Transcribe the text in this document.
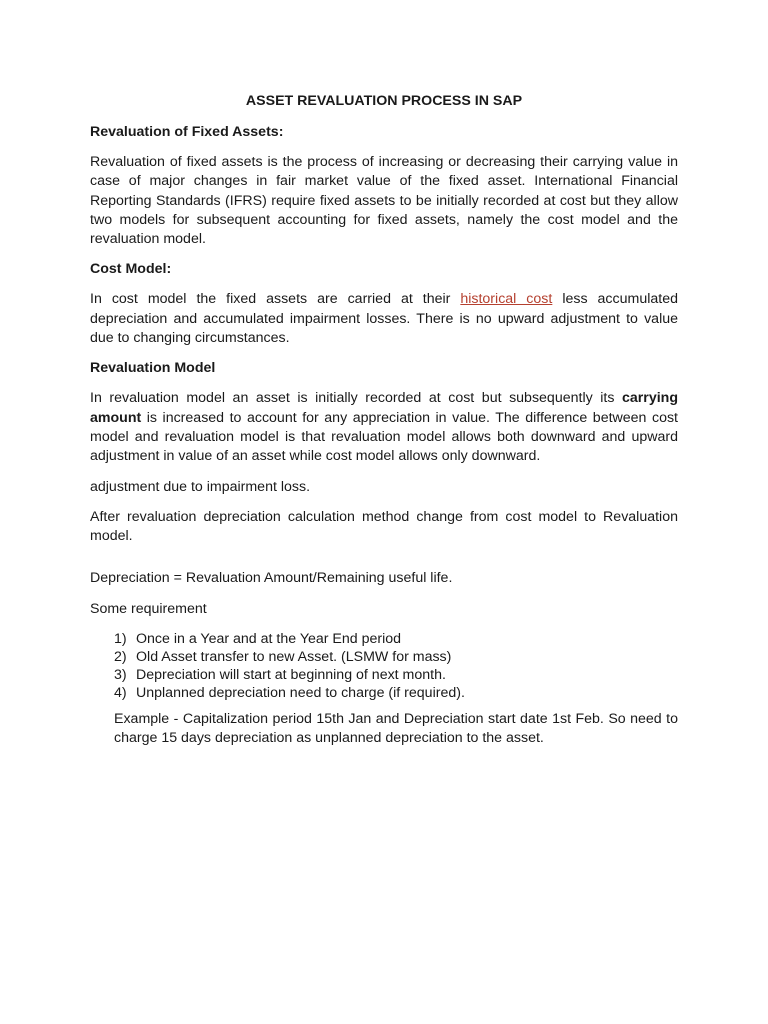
ASSET REVALUATION PROCESS IN SAP
Revaluation of Fixed Assets:
Revaluation of fixed assets is the process of increasing or decreasing their carrying value in case of major changes in fair market value of the fixed asset. International Financial Reporting Standards (IFRS) require fixed assets to be initially recorded at cost but they allow two models for subsequent accounting for fixed assets, namely the cost model and the revaluation model.
Cost Model:
In cost model the fixed assets are carried at their historical cost less accumulated depreciation and accumulated impairment losses. There is no upward adjustment to value due to changing circumstances.
Revaluation Model
In revaluation model an asset is initially recorded at cost but subsequently its carrying amount is increased to account for any appreciation in value. The difference between cost model and revaluation model is that revaluation model allows both downward and upward adjustment in value of an asset while cost model allows only downward.
adjustment due to impairment loss.
After revaluation depreciation calculation method change from cost model to Revaluation model.
Depreciation = Revaluation Amount/Remaining useful life.
Some requirement
1) Once in a Year and at the Year End period
2) Old Asset transfer to new Asset. (LSMW for mass)
3) Depreciation will start at beginning of next month.
4) Unplanned depreciation need to charge (if required).
Example - Capitalization period 15th Jan and Depreciation start date 1st Feb. So need to charge 15 days depreciation as unplanned depreciation to the asset.
